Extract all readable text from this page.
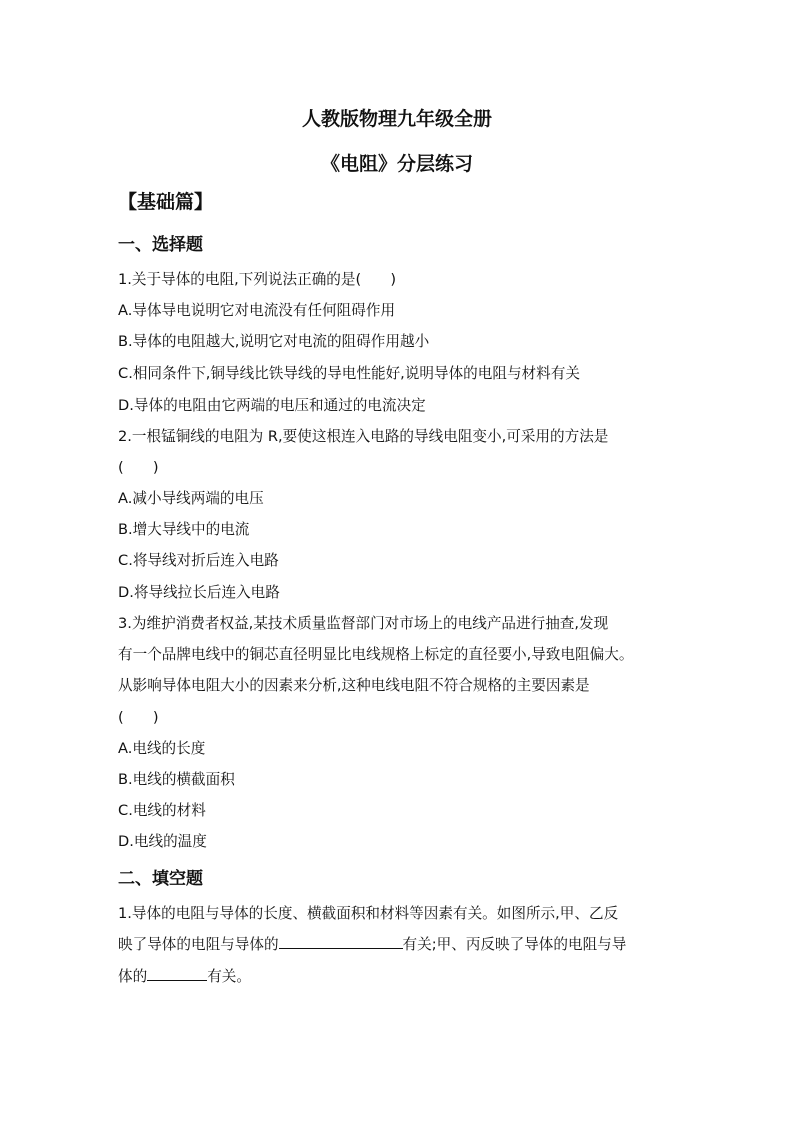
人教版物理九年级全册
《电阻》分层练习
【基础篇】
一、选择题
1.关于导体的电阻,下列说法正确的是(　　)
A.导体导电说明它对电流没有任何阻碍作用
B.导体的电阻越大,说明它对电流的阻碍作用越小
C.相同条件下,铜导线比铁导线的导电性能好,说明导体的电阻与材料有关
D.导体的电阻由它两端的电压和通过的电流决定
2.一根锰铜线的电阻为 R,要使这根连入电路的导线电阻变小,可采用的方法是
(　　)
A.减小导线两端的电压
B.增大导线中的电流
C.将导线对折后连入电路
D.将导线拉长后连入电路
3.为维护消费者权益,某技术质量监督部门对市场上的电线产品进行抽查,发现
有一个品牌电线中的铜芯直径明显比电线规格上标定的直径要小,导致电阻偏大。
从影响导体电阻大小的因素来分析,这种电线电阻不符合规格的主要因素是
(　　)
A.电线的长度
B.电线的横截面积
C.电线的材料
D.电线的温度
二、填空题
1.导体的电阻与导体的长度、横截面积和材料等因素有关。如图所示,甲、乙反
映了导体的电阻与导体的	有关;甲、丙反映了导体的电阻与导
体的	有关。
